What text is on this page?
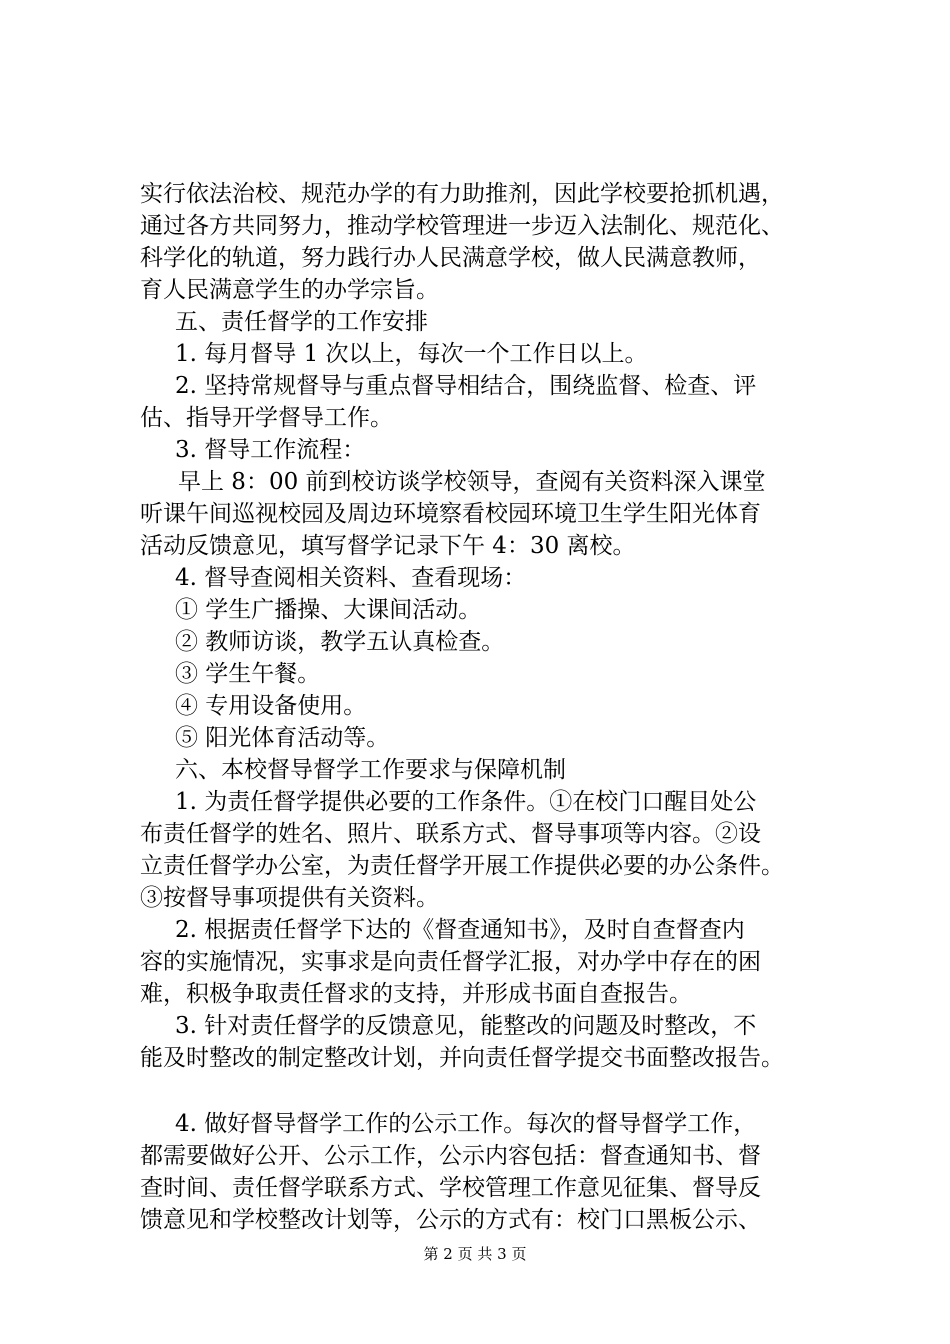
实行依法治校、规范办学的有力助推剂，因此学校要抢抓机遇，
通过各方共同努力，推动学校管理进一步迈入法制化、规范化、
科学化的轨道，努力践行办人民满意学校，做人民满意教师，
育人民满意学生的办学宗旨。
五、责任督学的工作安排
1. 每月督导 1 次以上，每次一个工作日以上。
2. 坚持常规督导与重点督导相结合，围绕监督、检查、评
估、指导开学督导工作。
3. 督导工作流程：
早上 8：00 前到校访谈学校领导，查阅有关资料深入课堂
听课午间巡视校园及周边环境察看校园环境卫生学生阳光体育
活动反馈意见，填写督学记录下午 4：30 离校。
4. 督导查阅相关资料、查看现场：
① 学生广播操、大课间活动。
② 教师访谈，教学五认真检查。
③ 学生午餐。
④ 专用设备使用。
⑤ 阳光体育活动等。
六、本校督导督学工作要求与保障机制
1. 为责任督学提供必要的工作条件。①在校门口醒目处公
布责任督学的姓名、照片、联系方式、督导事项等内容。②设
立责任督学办公室，为责任督学开展工作提供必要的办公条件。
③按督导事项提供有关资料。
2. 根据责任督学下达的《督查通知书》，及时自查督查内
容的实施情况，实事求是向责任督学汇报，对办学中存在的困
难，积极争取责任督求的支持，并形成书面自查报告。
3. 针对责任督学的反馈意见，能整改的问题及时整改，不
能及时整改的制定整改计划，并向责任督学提交书面整改报告。
4. 做好督导督学工作的公示工作。每次的督导督学工作，
都需要做好公开、公示工作，公示内容包括：督查通知书、督
查时间、责任督学联系方式、学校管理工作意见征集、督导反
馈意见和学校整改计划等，公示的方式有：校门口黑板公示、
第 2 页 共 3 页
